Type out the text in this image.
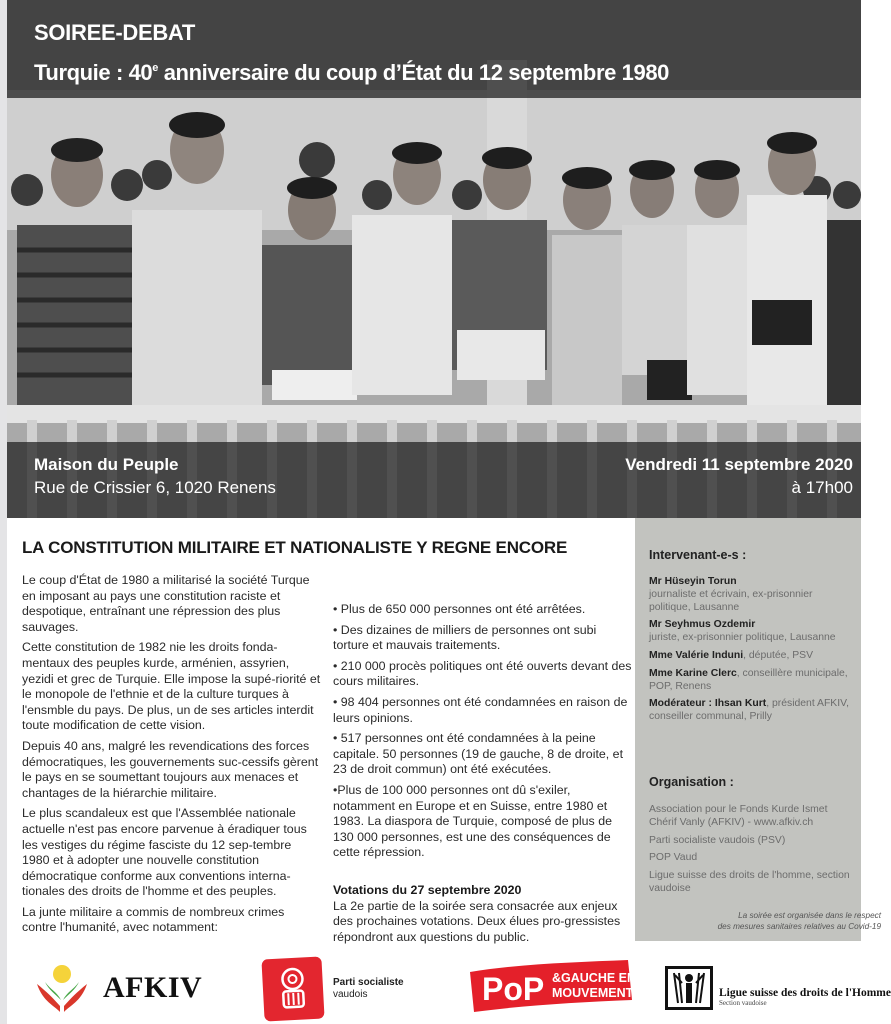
SOIREE-DEBAT
Turquie : 40e anniversaire du coup d’État du 12 septembre 1980
Maison du Peuple
Rue de Crissier 6, 1020 Renens
Vendredi 11 septembre 2020
à 17h00
LA CONSTITUTION MILITAIRE ET NATIONALISTE Y REGNE ENCORE

Le coup d'État de 1980 a militarisé la société Turque en imposant au pays une constitution raciste et despotique, entraînant une répression des plus sauvages.

Cette constitution de 1982 nie les droits fonda-mentaux des peuples kurde, arménien, assyrien, yezidi et grec de Turquie. Elle impose la supé-riorité et le monopole de l'ethnie et de la culture turques à l'ensmble du pays. De plus, un de ses articles interdit toute modification de cette vision.

Depuis 40 ans, malgré les revendications des forces démocratiques, les gouvernements suc-cessifs gèrent le pays en se soumettant toujours aux menaces et chantages de la hiérarchie militaire.

Le plus scandaleux est que l'Assemblée nationale actuelle n'est pas encore parvenue à éradiquer tous les vestiges du régime fasciste du 12 sep-tembre 1980 et à adopter une nouvelle constitution démocratique conforme aux conventions interna-tionales des droits de l'homme et des peuples.

La junte militaire a commis de nombreux crimes contre l'humanité, avec notamment:

• Plus de 650 000 personnes ont été arrêtées.

• Des dizaines de milliers de personnes ont subi torture et mauvais traitements.

• 210 000 procès politiques ont été ouverts devant des cours militaires.

• 98 404 personnes ont été condamnées en raison de leurs opinions.

• 517 personnes ont été condamnées à la peine capitale. 50 personnes (19 de gauche, 8 de droite, et 23 de droit commun) ont été exécutées.

•Plus de 100 000 personnes ont dû s'exiler, notamment en Europe et en Suisse, entre 1980 et 1983. La diaspora de Turquie, composé de plus de 130 000 personnes, est une des conséquences de cette répression.

Votations du 27 septembre 2020
La 2e partie de la soirée sera consacrée aux enjeux des prochaines votations. Deux élues pro-gressistes répondront aux questions du public.
Intervenant-e-s :
Mr Hüseyin Torun
journaliste et écrivain, ex-prisonnier
politique, Lausanne
Mr Seyhmus Ozdemir
juriste, ex-prisonnier politique, Lausanne
Mme Valérie Induni, députée, PSV
Mme Karine Clerc, conseillère municipale,
POP, Renens
Modérateur : Ihsan Kurt, président AFKIV,
conseiller communal, Prilly
Organisation :
Association pour le Fonds Kurde Ismet
Chérif Vanly (AFKIV) - www.afkiv.ch
Parti socialiste vaudois (PSV)
POP Vaud
Ligue suisse des droits de l'homme, section
vaudoise
La soirée est organisée dans le respect
des mesures sanitaires relatives au Covid-19
AFKIV	Parti socialiste
vaudois	PoP &GAUCHE EN
MOUVEMENT	Ligue suisse des droits de l'Homme
Section vaudoise
